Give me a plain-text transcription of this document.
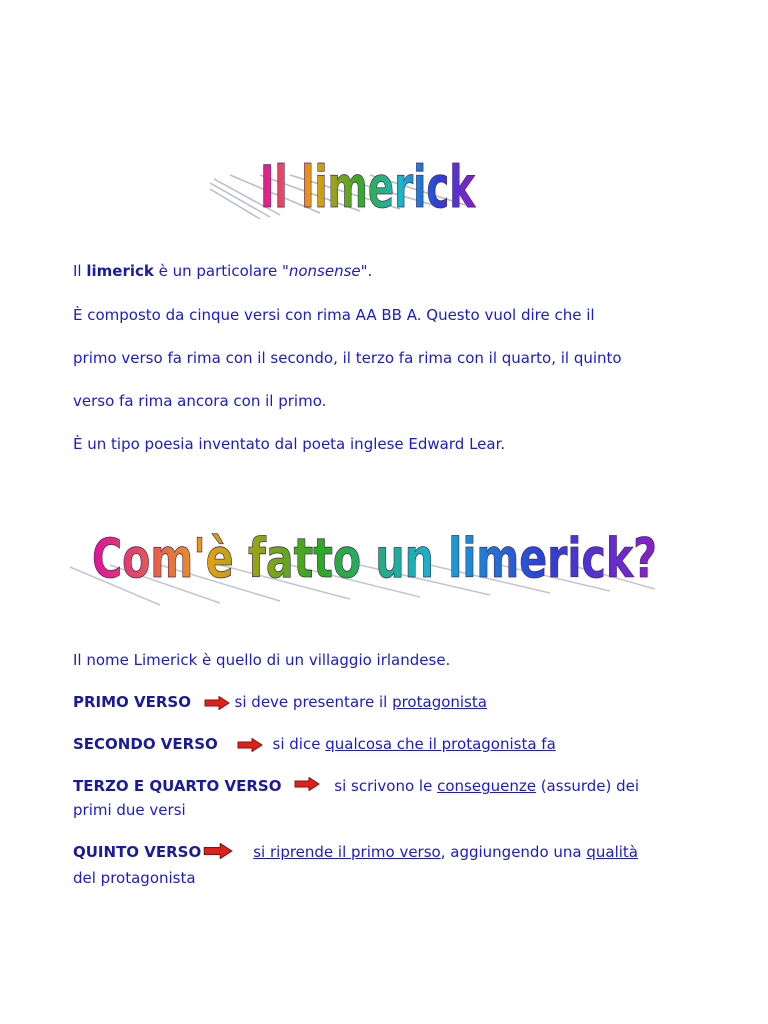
Il limerick
Il limerick è un particolare "nonsense".
È composto da cinque versi con rima AA BB A. Questo vuol dire che il
primo verso fa rima con il secondo, il terzo fa rima con il quarto, il quinto
verso fa rima ancora con il primo.
È un tipo poesia inventato dal poeta inglese Edward Lear.
Com'è fatto un limerick?
Il nome Limerick è quello di un villaggio irlandese.
PRIMO VERSO	si deve presentare il protagonista
SECONDO VERSO	si dice qualcosa che il protagonista fa
TERZO E QUARTO VERSO	si scrivono le conseguenze (assurde) dei
primi due versi
QUINTO VERSO	si riprende il primo verso, aggiungendo una qualità
del protagonista
